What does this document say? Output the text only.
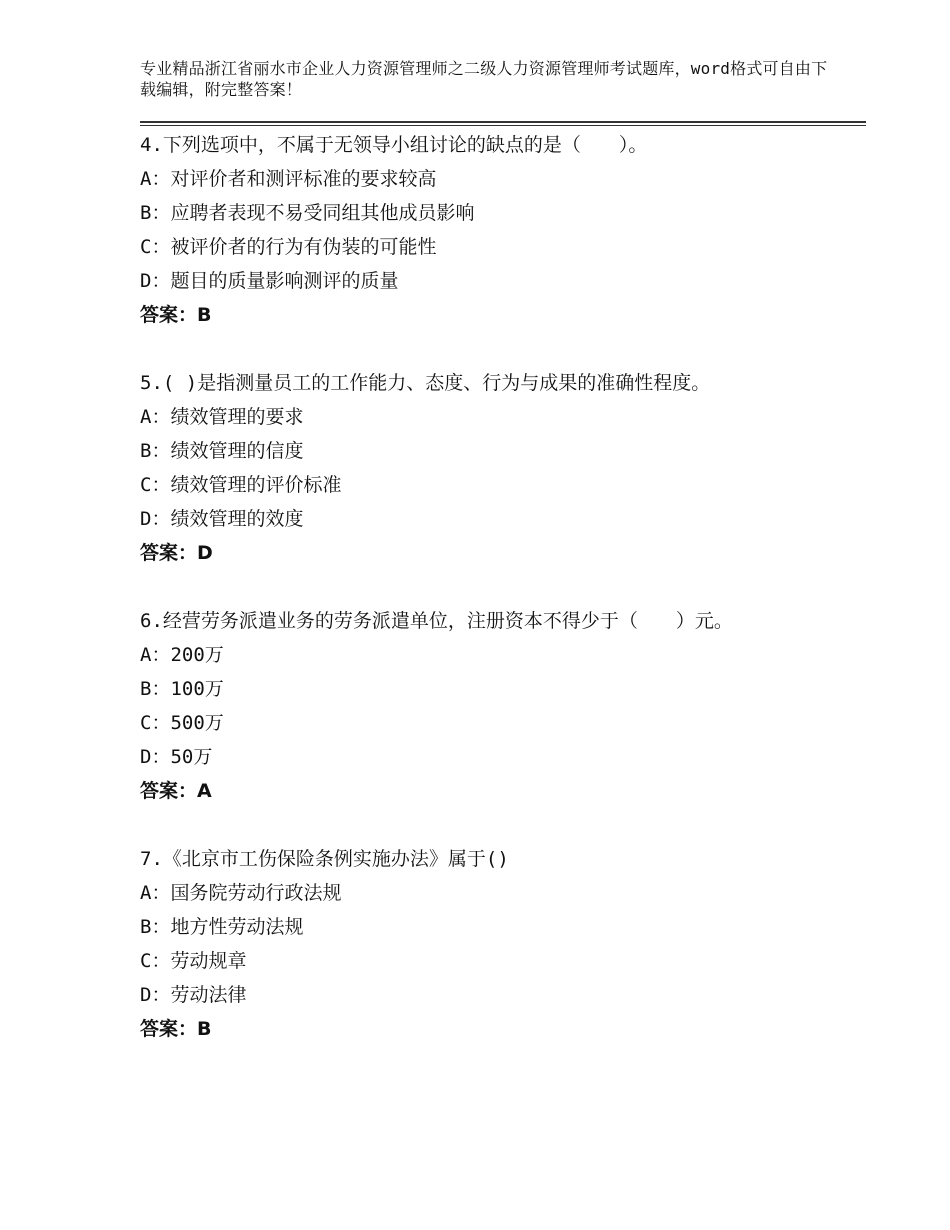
专业精品浙江省丽水市企业人力资源管理师之二级人力资源管理师考试题库，word格式可自由下载编辑，附完整答案！
4.下列选项中，不属于无领导小组讨论的缺点的是（　　）。
A：对评价者和测评标准的要求较高
B：应聘者表现不易受同组其他成员影响
C：被评价者的行为有伪装的可能性
D：题目的质量影响测评的质量
答案：B
5.( )是指测量员工的工作能力、态度、行为与成果的准确性程度。
A：绩效管理的要求
B：绩效管理的信度
C：绩效管理的评价标准
D：绩效管理的效度
答案：D
6.经营劳务派遣业务的劳务派遣单位，注册资本不得少于（　　）元。
A：200万
B：100万
C：500万
D：50万
答案：A
7.《北京市工伤保险条例实施办法》属于()
A：国务院劳动行政法规
B：地方性劳动法规
C：劳动规章
D：劳动法律
答案：B
